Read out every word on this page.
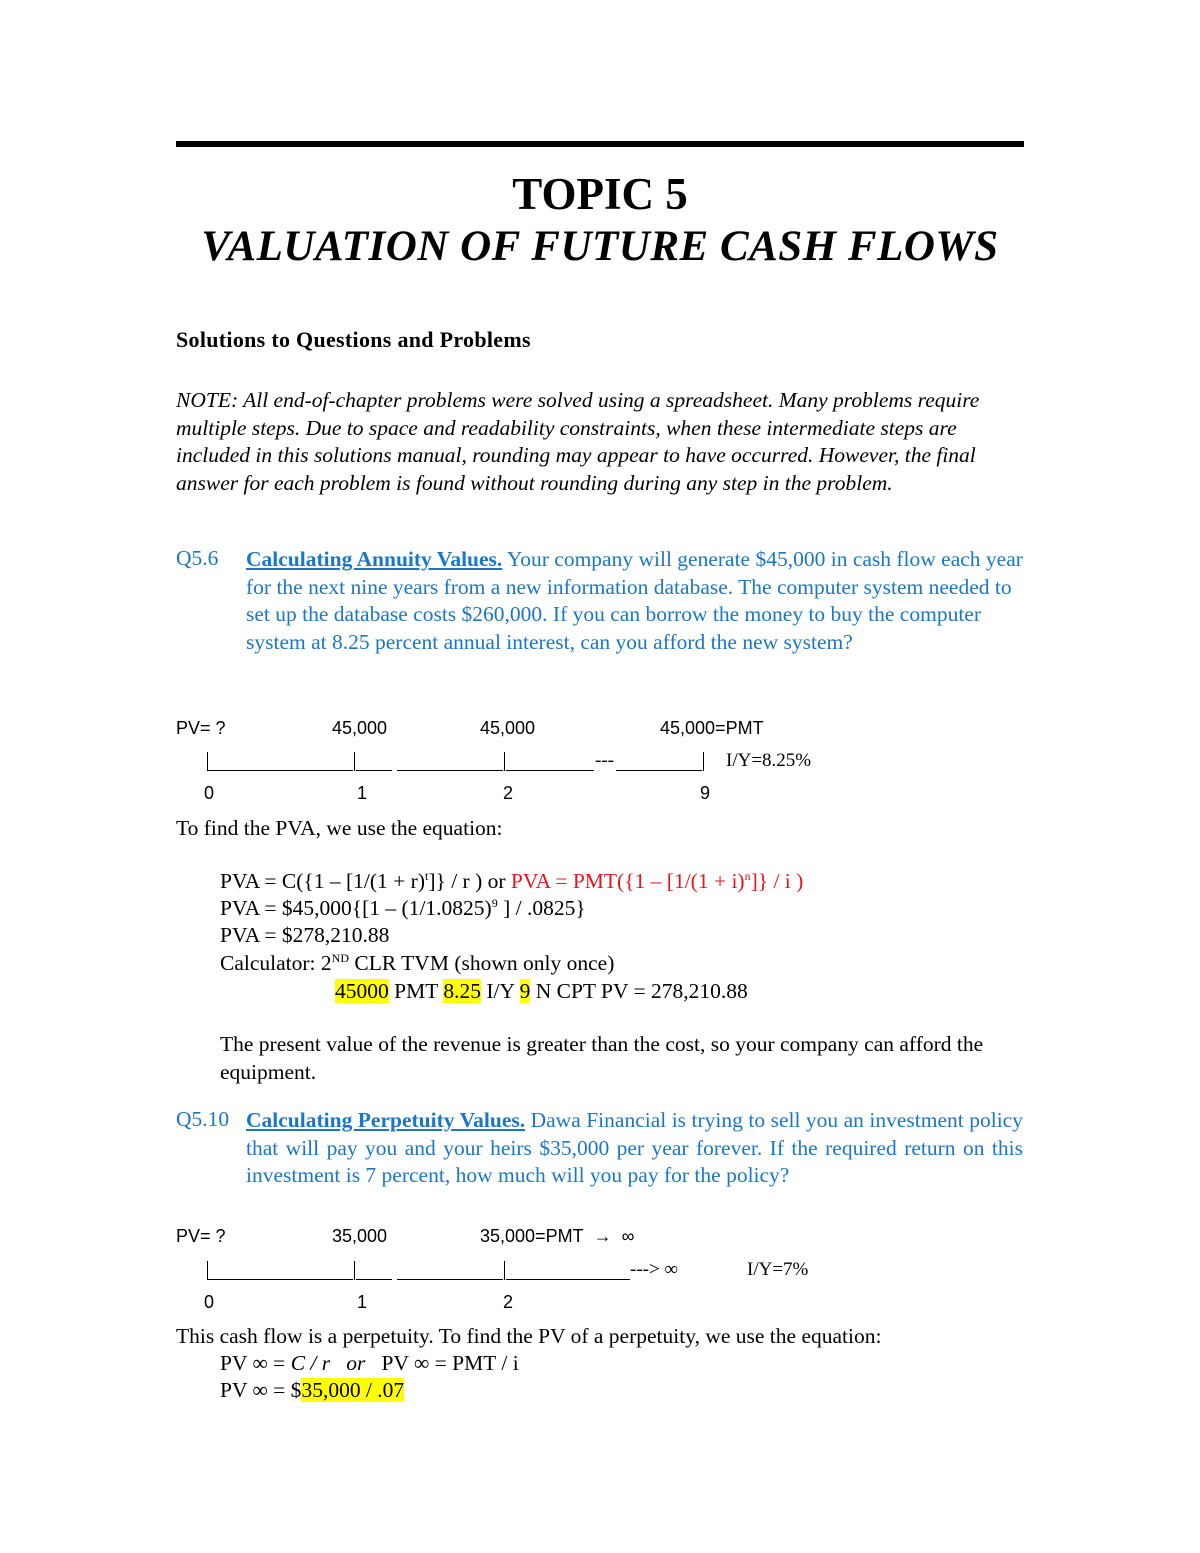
TOPIC 5
VALUATION OF FUTURE CASH FLOWS
Solutions to Questions and Problems
NOTE: All end-of-chapter problems were solved using a spreadsheet. Many problems require multiple steps. Due to space and readability constraints, when these intermediate steps are included in this solutions manual, rounding may appear to have occurred. However, the final answer for each problem is found without rounding during any step in the problem.
Q5.6 Calculating Annuity Values. Your company will generate $45,000 in cash flow each year for the next nine years from a new information database. The computer system needed to set up the database costs $260,000. If you can borrow the money to buy the computer system at 8.25 percent annual interest, can you afford the new system?
PV= ?	45,000	45,000	45,000=PMT
---	I/Y=8.25%
0	1	2	9
To find the PVA, we use the equation:
PVA = $C(\{1 - [1/(1 + r)^t]\} / r$ ) or PVA = $PMT(\{1 - [1/(1 + i)^n]\} / i$ )
PVA = $45,000{[1 – $(1/1.0825)^9$ ] / .0825}
PVA = $278,210.88
Calculator: 2ND CLR TVM (shown only once)
45000 PMT 8.25 I/Y 9 N CPT PV = 278,210.88
The present value of the revenue is greater than the cost, so your company can afford the equipment.
Q5.10 Calculating Perpetuity Values. Dawa Financial is trying to sell you an investment policy that will pay you and your heirs $35,000 per year forever. If the required return on this investment is 7 percent, how much will you pay for the policy?
PV= ?	35,000	35,000=PMT → ∞
---> ∞	I/Y=7%
0	1	2
This cash flow is a perpetuity. To find the PV of a perpetuity, we use the equation:
PV ∞ = C / r   or   PV ∞ = PMT / i
PV ∞ = $35,000 / .07
